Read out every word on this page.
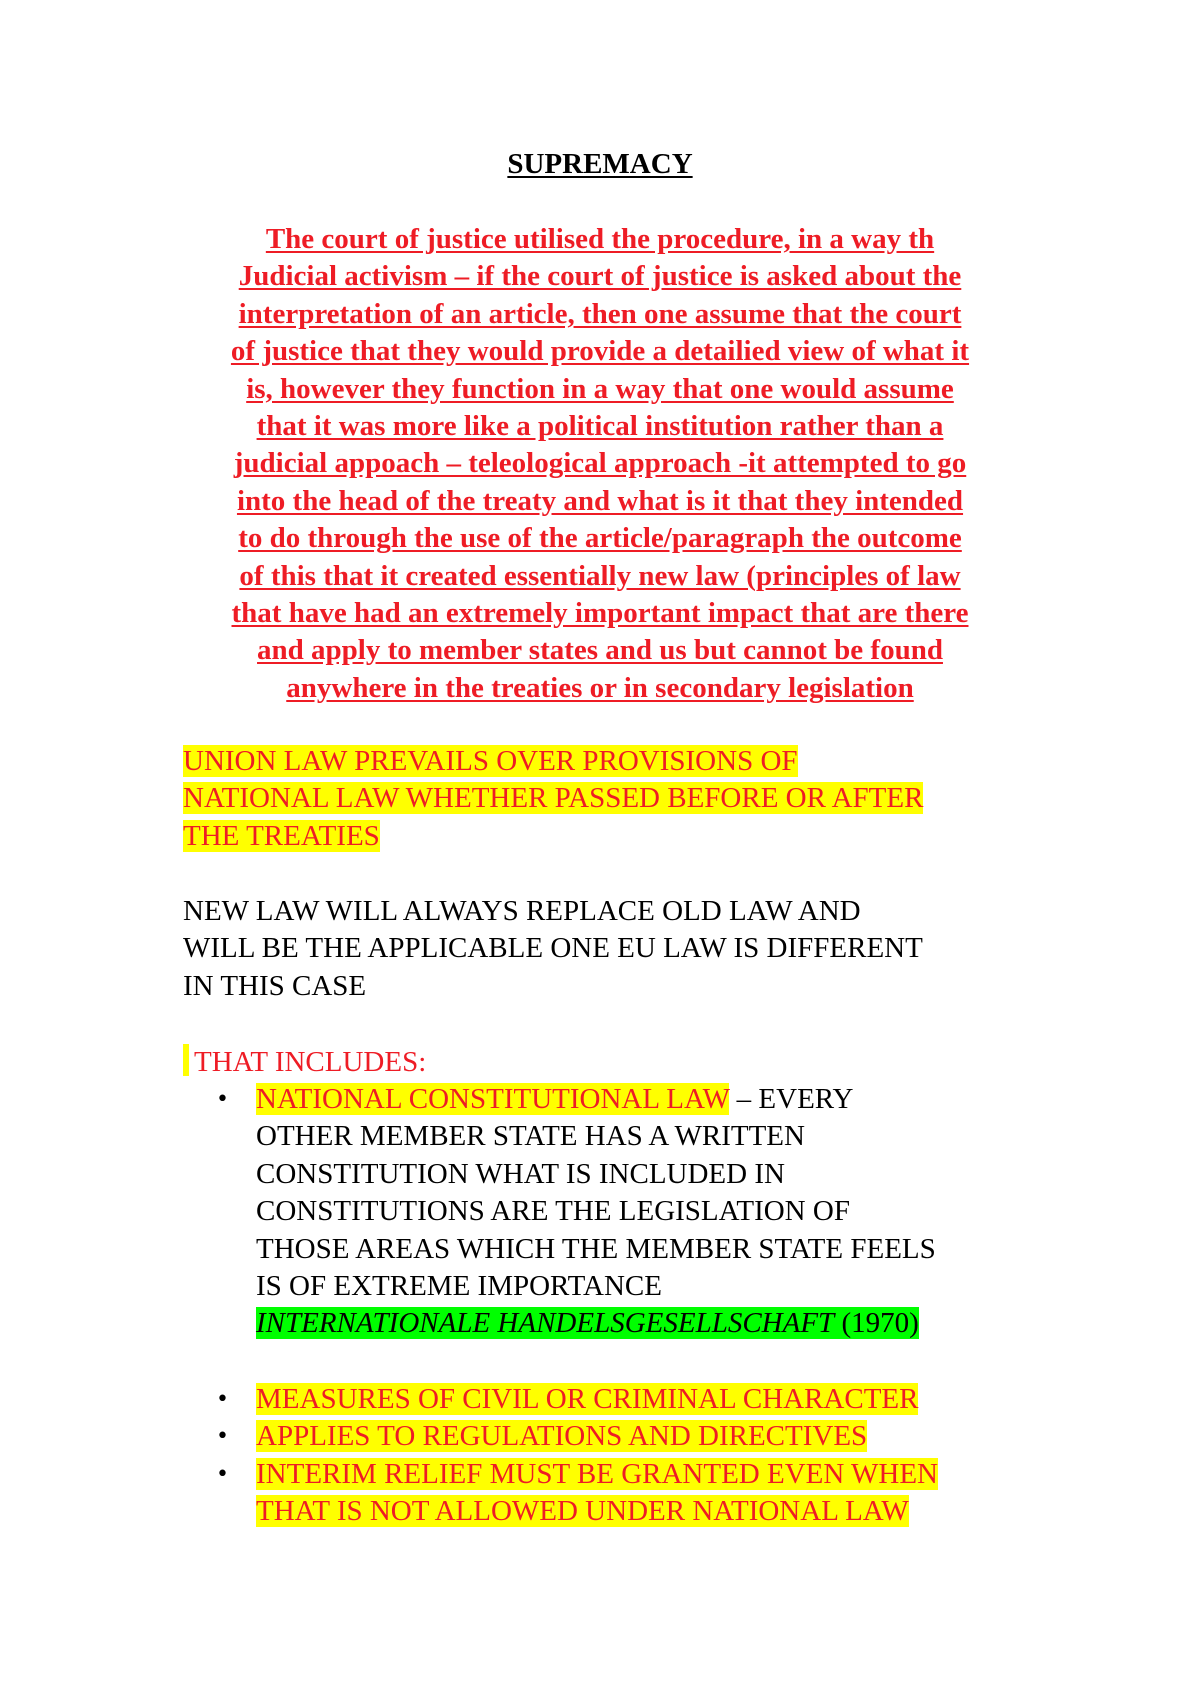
SUPREMACY
The court of justice utilised the procedure, in a way th
Judicial activism – if the court of justice is asked about the
interpretation of an article, then one assume that the court
of justice that they would provide a detailied view of what it
is, however they function in a way that one would assume
that it was more like a political institution rather than a
judicial appoach – teleological approach -it attempted to go
into the head of the treaty and what is it that they intended
to do through the use of the article/paragraph the outcome
of this that it created essentially new law (principles of law
that have had an extremely important impact that are there
and apply to member states and us but cannot be found
anywhere in the treaties or in secondary legislation
UNION LAW PREVAILS OVER PROVISIONS OF
NATIONAL LAW WHETHER PASSED BEFORE OR AFTER
THE TREATIES
NEW LAW WILL ALWAYS REPLACE OLD LAW AND
WILL BE THE APPLICABLE ONE EU LAW IS DIFFERENT
IN THIS CASE
THAT INCLUDES:
• NATIONAL CONSTITUTIONAL LAW – EVERY
OTHER MEMBER STATE HAS A WRITTEN
CONSTITUTION WHAT IS INCLUDED IN
CONSTITUTIONS ARE THE LEGISLATION OF
THOSE AREAS WHICH THE MEMBER STATE FEELS
IS OF EXTREME IMPORTANCE
INTERNATIONALE HANDELSGESELLSCHAFT (1970)
• MEASURES OF CIVIL OR CRIMINAL CHARACTER
• APPLIES TO REGULATIONS AND DIRECTIVES
• INTERIM RELIEF MUST BE GRANTED EVEN WHEN
THAT IS NOT ALLOWED UNDER NATIONAL LAW
